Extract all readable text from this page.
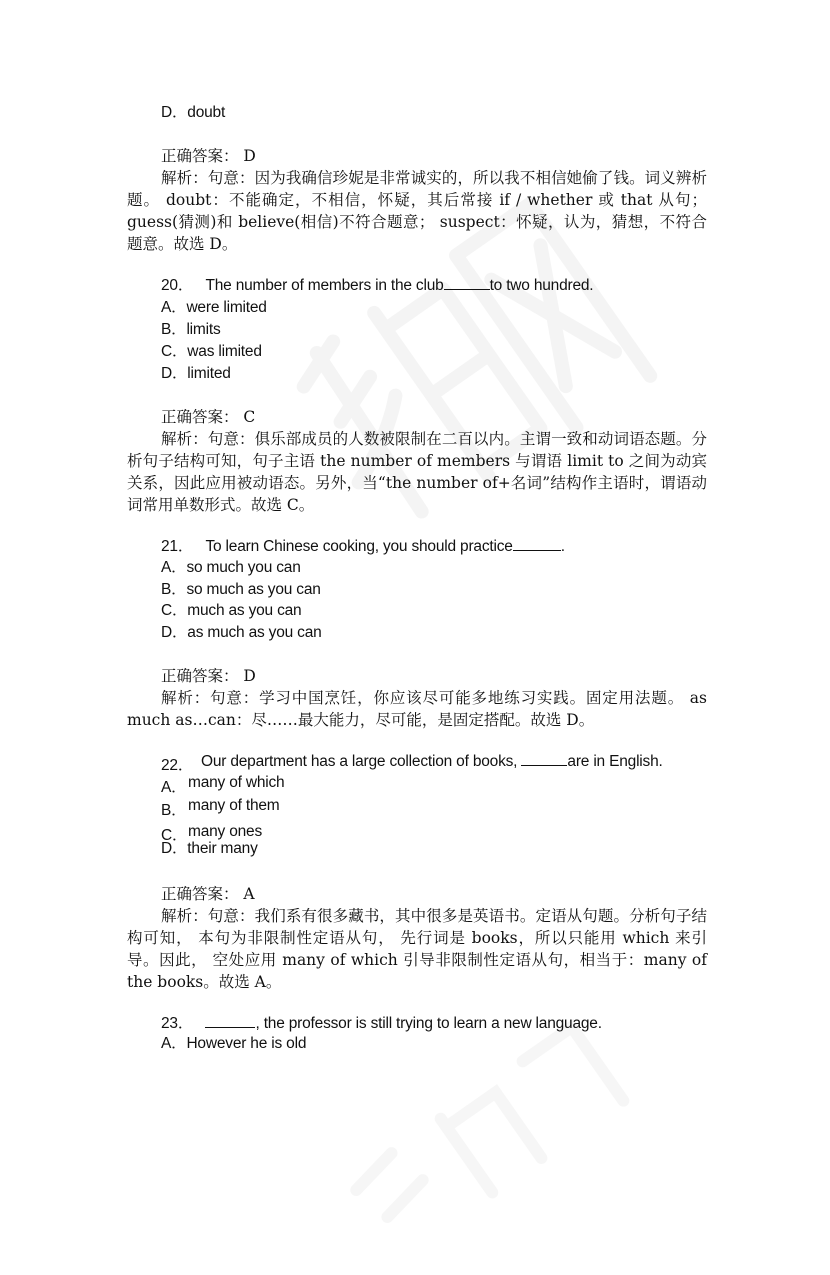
D．doubt

正确答案： D

解析：句意：因为我确信珍妮是非常诚实的，所以我不相信她偷了钱。词义辨析题。 doubt：不能确定，不相信，怀疑，其后常接 if / whether 或 that 从句；guess(猜测)和 believe(相信)不符合题意； suspect：怀疑，认为，猜想，不符合题意。故选 D。

20． The number of members in the club	to two hundred.
A．were limited
B．limits
C．was limited
D．limited

正确答案： C

解析：句意：俱乐部成员的人数被限制在二百以内。主谓一致和动词语态题。分析句子结构可知，句子主语 the number of members 与谓语 limit to 之间为动宾关系，因此应用被动语态。另外，当“the number of+名词”结构作主语时，谓语动词常用单数形式。故选 C。

21． To learn Chinese cooking, you should practice	.
A．so much you can
B．so much as you can
C．much as you can
D．as much as you can

正确答案： D

解析：句意：学习中国烹饪，你应该尽可能多地练习实践。固定用法题。 as much as…can：尽……最大能力，尽可能，是固定搭配。故选 D。

22． Our department has a large collection of books,	are in English.
A． many of which
B． many of them
C． many ones
D．their many

正确答案： A

解析：句意：我们系有很多藏书，其中很多是英语书。定语从句题。分析句子结构可知， 本句为非限制性定语从句， 先行词是 books，所以只能用 which 来引导。因此， 空处应用 many of which 引导非限制性定语从句，相当于：many of the books。故选 A。

23．	, the professor is still trying to learn a new language.
A．However he is old
